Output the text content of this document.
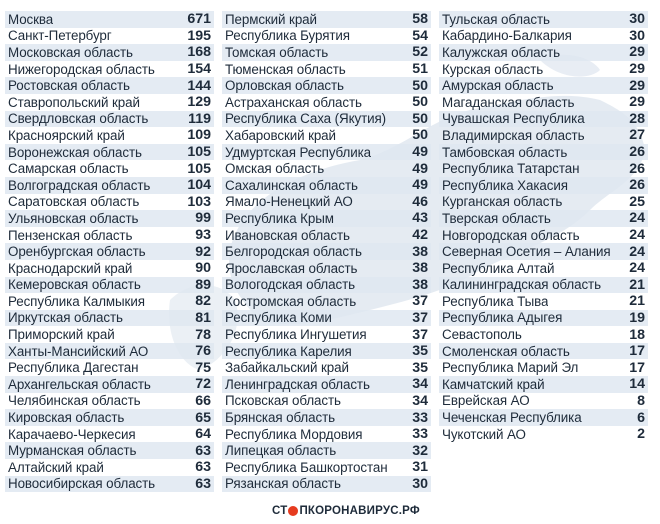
Москва	671
Санкт-Петербург	195
Московская область	168
Нижегородская область 154
Ростовская область	144
Ставропольский край	129
Свердловская область	119
Красноярский край	109
Воронежская область	105
Самарская область	105
Волгоградская область	104
Саратовская область	103
Ульяновская область	99
Пензенская область	93
Оренбургская область	92
Краснодарский край	90
Кемеровская область	89
Республика Калмыкия	82
Иркутская область	81
Приморский край	78
Ханты-Мансийский АО	76
Республика Дагестан	75
Архангельская область	72
Челябинская область	66
Кировская область	65
Карачаево-Черкесия	64
Мурманская область	63
Алтайский край	63
Новосибирская область	63
Пермский край	58
Республика Бурятия	54
Томская область	52
Тюменская область	51
Орловская область	50
Астраханская область	50
Республика Саха (Якутия) 50
Хабаровский край	50
Удмуртская Республика	49
Омская область	49
Сахалинская область	49
Ямало-Ненецкий АО	46
Республика Крым	43
Ивановская область	42
Белгородская область	38
Ярославская область	38
Вологодская область	38
Костромская область	37
Республика Коми	37
Республика Ингушетия	37
Республика Карелия	35
Забайкальский край	35
Ленинградская область	34
Псковская область	34
Брянская область	33
Республика Мордовия	33
Липецкая область	32
Республика Башкортостан 31
Рязанская область	30
Тульская область	30
Кабардино-Балкария	30
Калужская область	29
Курская область	29
Амурская область	29
Магаданская область	29
Чувашская Республика	28
Владимирская область	27
Тамбовская область	26
Республика Татарстан	26
Республика Хакасия	26
Курганская область	25
Тверская область	24
Новгородская область	24
Северная Осетия – Алания 24
Республика Алтай	24
Калининградская область 21
Республика Тыва	21
Республика Адыгея	19
Севастополь	18
Смоленская область	17
Республика Марий Эл	17
Камчатский край	14
Еврейская АО	8
Чеченская Республика	6
Чукотский АО	2
СТ ПКОРОНАВИРУС.РФ
